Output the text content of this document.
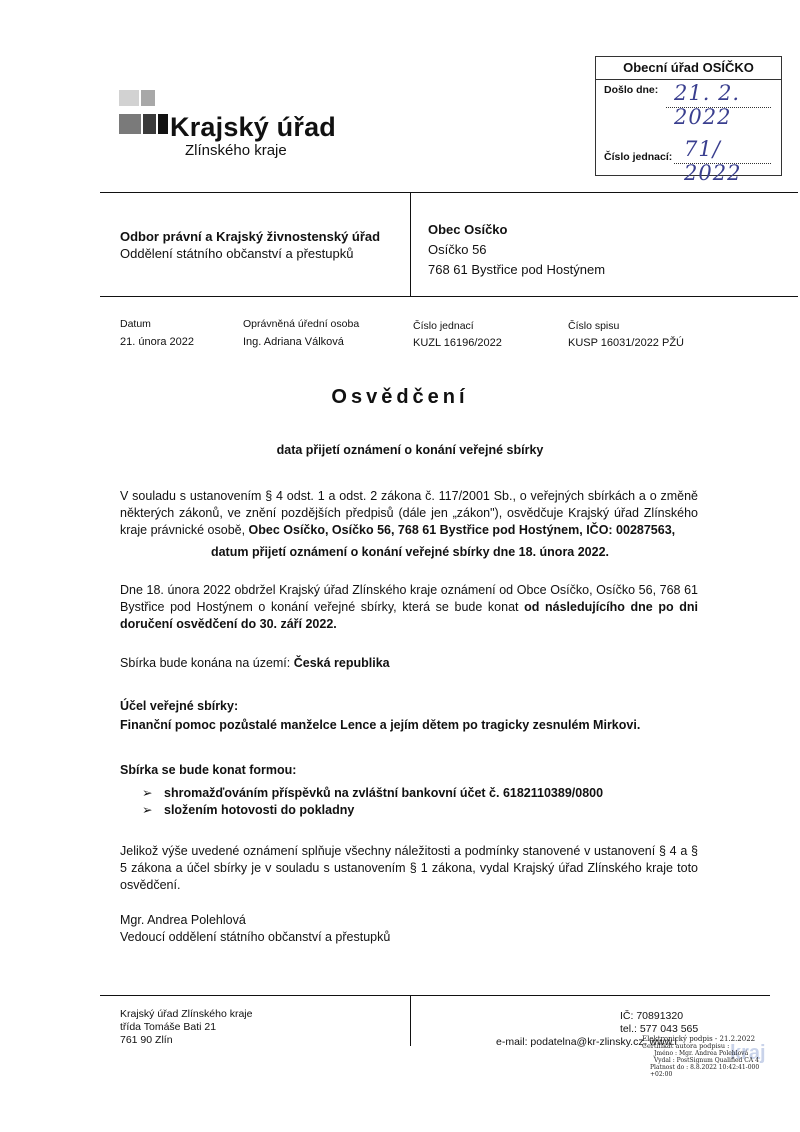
Krajský úřad
Zlínského kraje
Obecní úřad OSÍČKO
Došlo dne: 21. 2. 2022
Číslo jednací: 71/ 2022

Odbor právní a Krajský živnostenský úřad

Oddělení státního občanství a přestupků

Obec Osíčko

Osíčko 56

768 61 Bystřice pod Hostýnem

Datum
21. února 2022
Oprávněná úřední osoba
Ing. Adriana Válková
Číslo jednací
KUZL 16196/2022
Číslo spisu
KUSP 16031/2022 PŽÚ
Osvědčení
data přijetí oznámení o konání veřejné sbírky
V souladu s ustanovením § 4 odst. 1 a odst. 2 zákona č. 117/2001 Sb., o veřejných sbírkách a o změně některých zákonů, ve znění pozdějších předpisů (dále jen „zákon"), osvědčuje Krajský úřad Zlínského kraje právnické osobě, Obec Osíčko, Osíčko 56, 768 61 Bystřice pod Hostýnem, IČO: 00287563,
datum přijetí oznámení o konání veřejné sbírky dne 18. února 2022.
Dne 18. února 2022 obdržel Krajský úřad Zlínského kraje oznámení od Obce Osíčko, Osíčko 56, 768 61 Bystřice pod Hostýnem o konání veřejné sbírky, která se bude konat od následujícího dne po dni doručení osvědčení do 30. září 2022.
Sbírka bude konána na území: Česká republika
Účel veřejné sbírky:
Finanční pomoc pozůstalé manželce Lence a jejím dětem po tragicky zesnulém Mirkovi.
Sbírka se bude konat formou:
➢ shromažďováním příspěvků na zvláštní bankovní účet č. 6182110389/0800
➢ složením hotovosti do pokladny
Jelikož výše uvedené oznámení splňuje všechny náležitosti a podmínky stanovené v ustanovení § 4 a § 5 zákona a účel sbírky je v souladu s ustanovením § 1 zákona, vydal Krajský úřad Zlínského kraje toto osvědčení.

Mgr. Andrea Polehlová

Vedoucí oddělení státního občanství a přestupků

Krajský úřad Zlínského kraje

třída Tomáše Bati 21

761 90 Zlín

IČ: 70891320
tel.: 577 043 565
e-mail: podatelna@kr-zlinsky.cz, www.l	kraj
Elektronický podpis - 21.2.2022
Certifikát autora podpisu :
Jméno : Mgr. Andrea Polehlová
Vydal : PostSignum Qualified CA 4
Platnost do : 8.8.2022 10:42:41-000 +02:00
